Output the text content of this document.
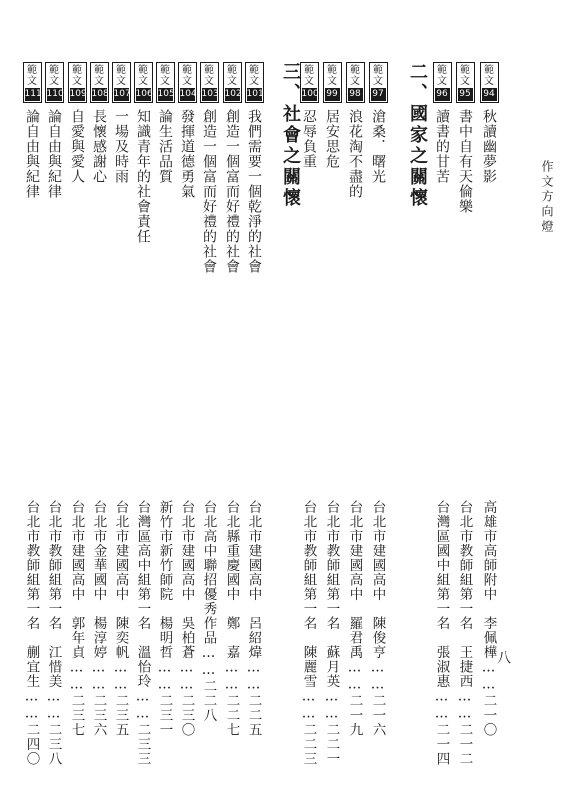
作文方向燈
八
二、國家之關懷
三、社會之關懷	範文
94
秋讀幽夢影
高雄市高師附中　李佩樺……二一〇
範文
95
書中自有天倫樂
台北市教師組第一名　王捷西……二一二
範文
96
讀書的甘苦
台灣區國中組第一名　張淑惠……二一四
範文
97
滄桑．曙光
台北市建國高中　陳俊亨……二一六
範文
98
浪花淘不盡的
台北市建國高中　羅君禹……二一九
範文
99
居安思危
台北市教師組第一名　蘇月英……二二一
範文
100
忍辱負重
台北市教師組第一名　陳麗雪……二二三
範文
101
我們需要一個乾淨的社會
台北市建國高中　呂紹煒……二二五
範文
102
創造一個富而好禮的社會
台北縣重慶國中　鄭　嘉……二二七
範文
103
創造一個富而好禮的社會
台北高中聯招優秀作品……二二八
範文
104
發揮道德勇氣
台北市建國高中　吳柏蒼……二三〇
範文
105
論生活品質
新竹市新竹師院　楊明哲……二三一
範文
106
知識青年的社會責任
台灣區高中組第一名　溫怡玲……二三三
範文
107
一場及時雨
台北市建國高中　陳奕帆……二三五
範文
108
長懷感謝心
台北市金華國中　楊淳婷……二三六
範文
109
自愛與愛人
台北市建國高中　郭年貞……二三七
範文
110
論自由與紀律
台北市教師組第一名　江惜美……二三八
範文
111
論自由與紀律
台北市教師組第一名　蒯宜生……二四〇
